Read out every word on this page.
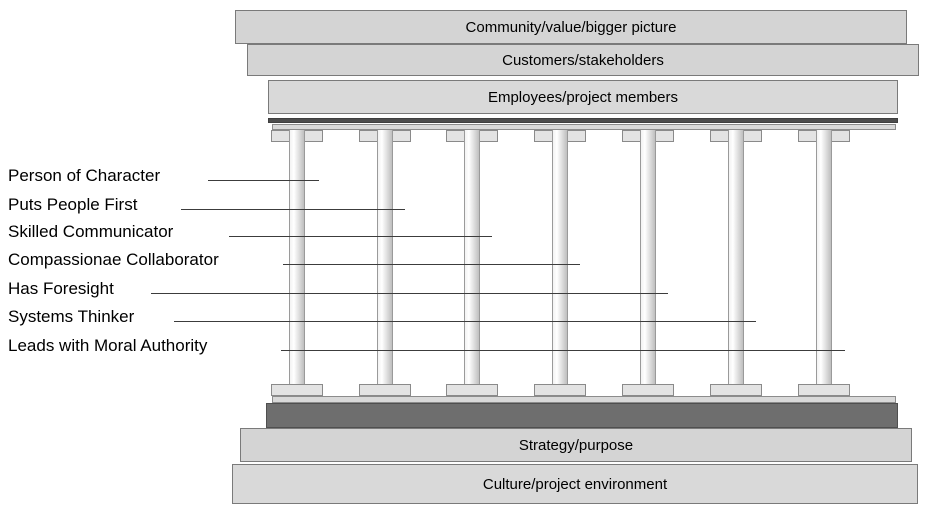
Community/value/bigger picture
Customers/stakeholders
Employees/project members
Strategy/purpose
Culture/project environment
Person of Character
Puts People First
Skilled Communicator
Compassionae Collaborator
Has Foresight
Systems Thinker
Leads with Moral Authority
